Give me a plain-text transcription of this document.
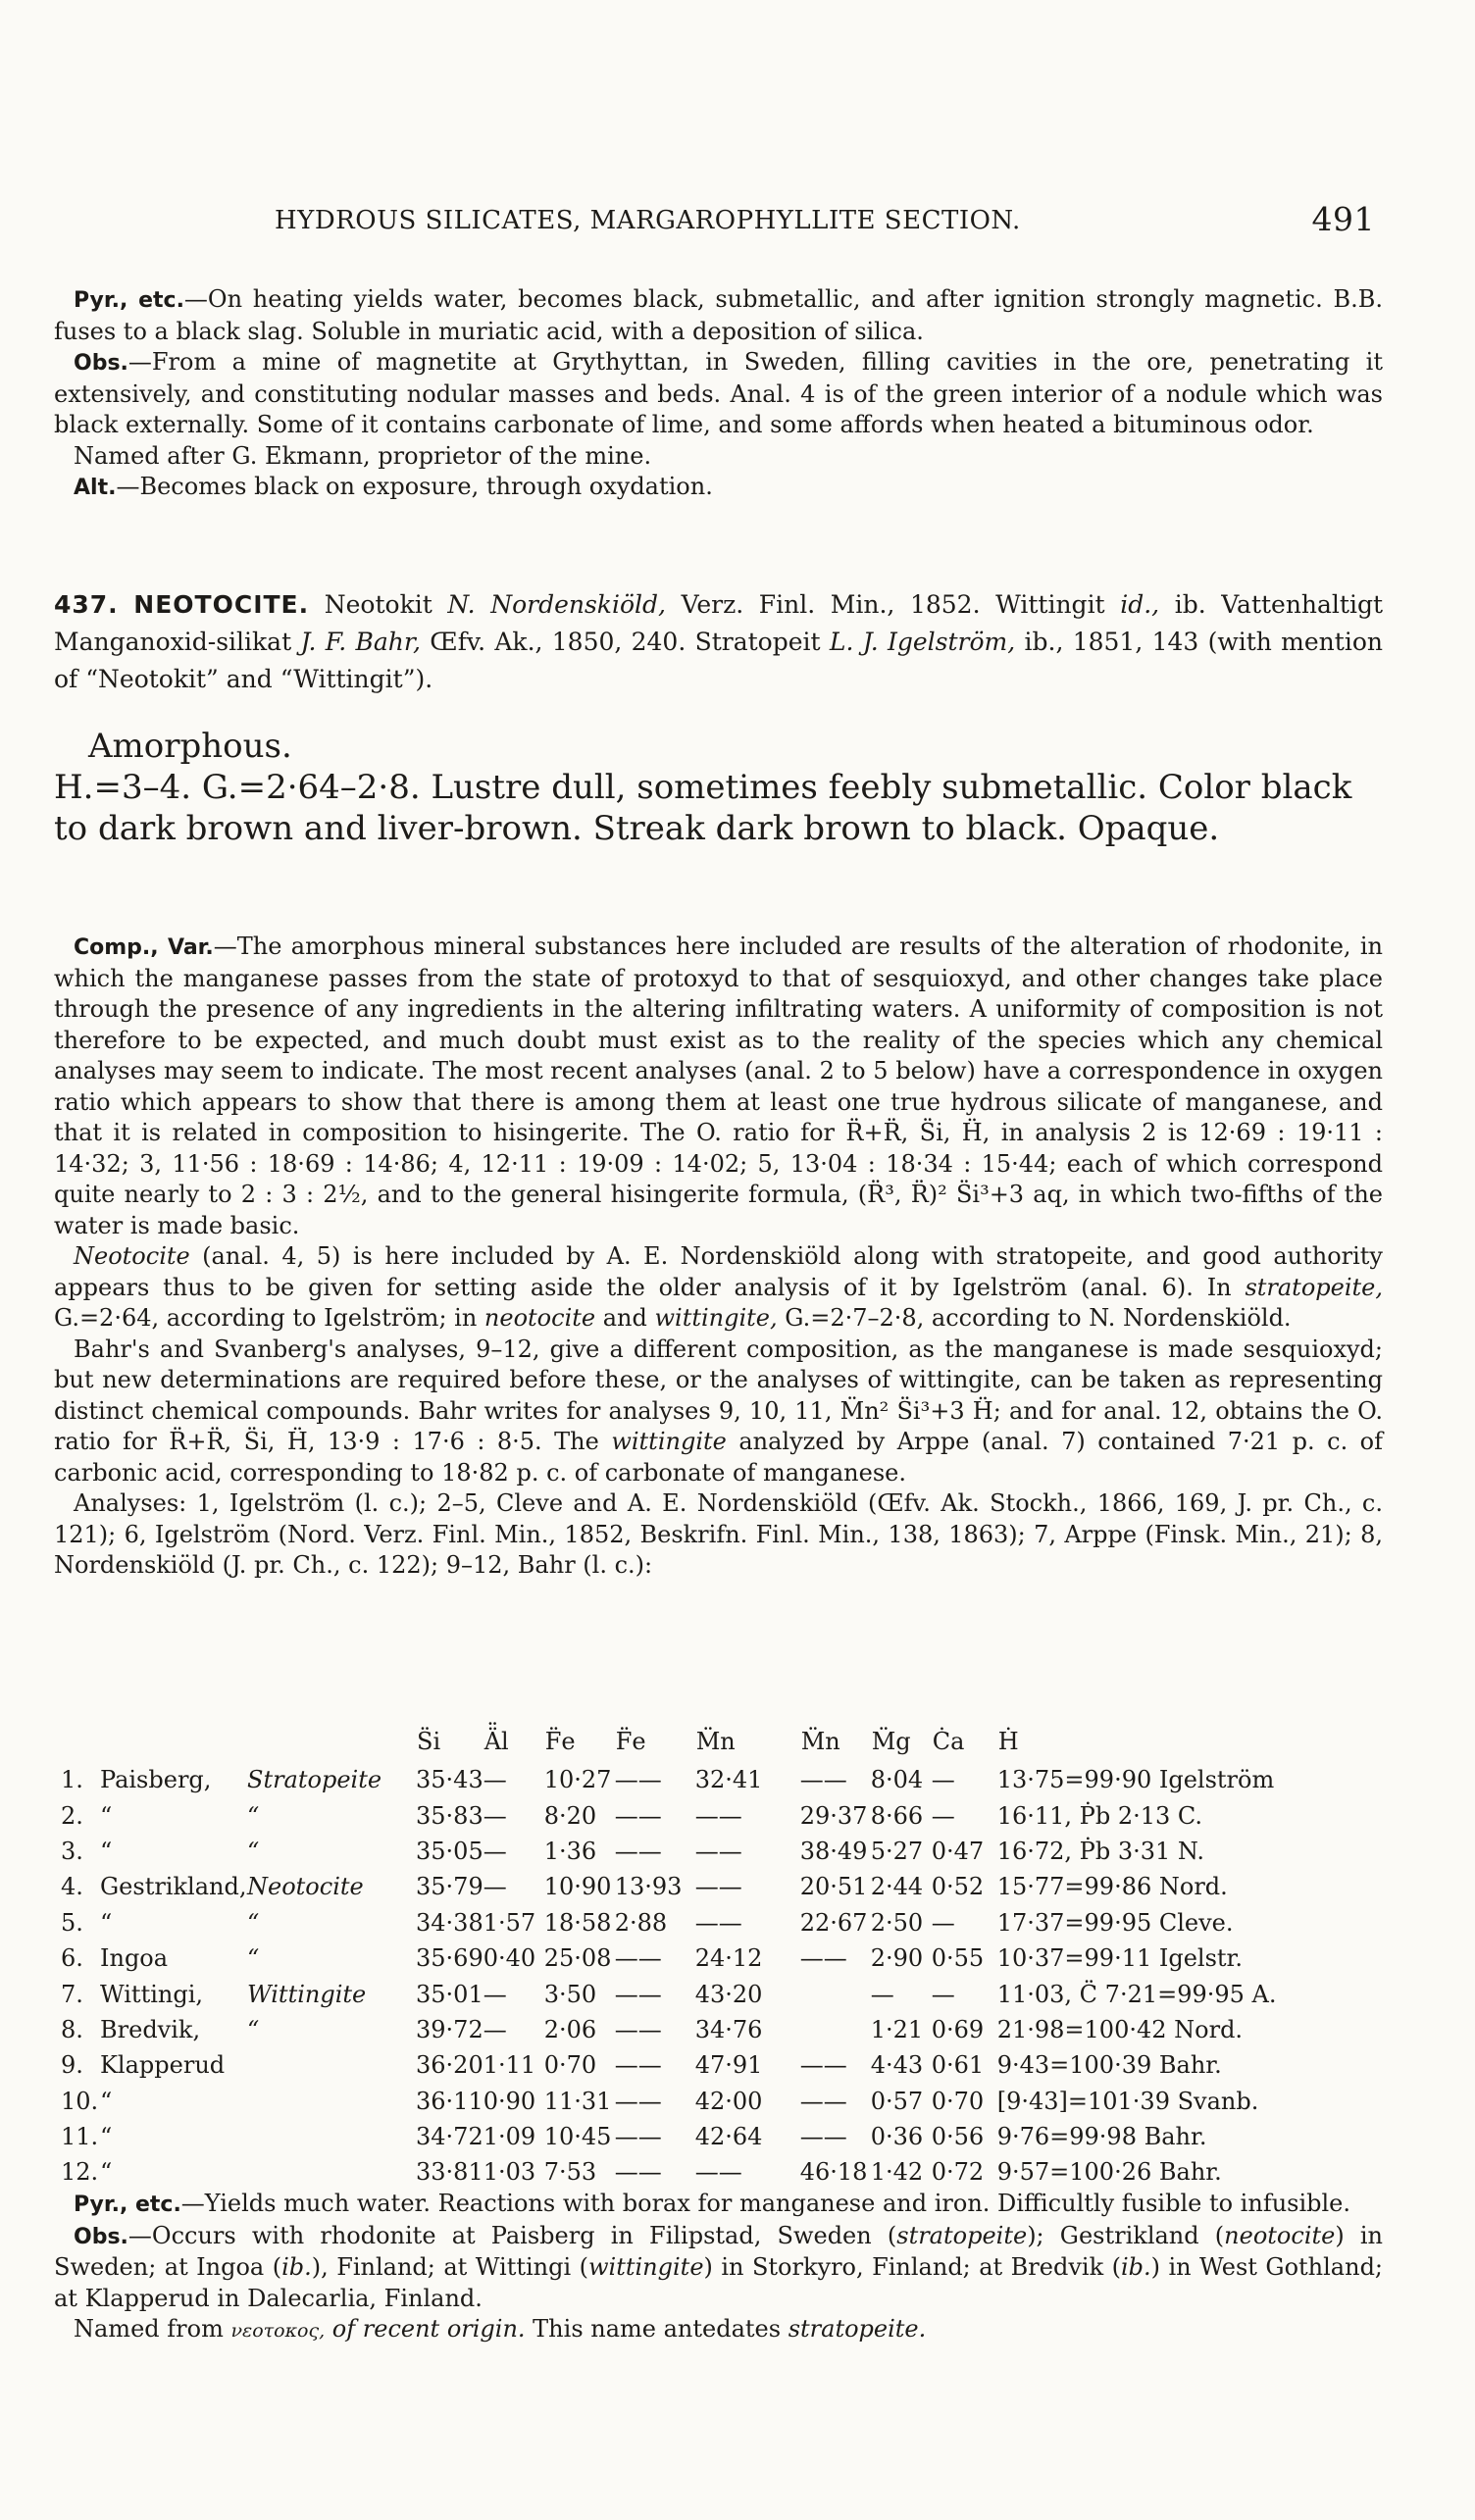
HYDROUS SILICATES, MARGAROPHYLLITE SECTION.	491

Pyr., etc.—On heating yields water, becomes black, submetallic, and after ignition strongly magnetic. B.B. fuses to a black slag. Soluble in muriatic acid, with a deposition of silica.

Obs.—From a mine of magnetite at Grythyttan, in Sweden, filling cavities in the ore, penetrating it extensively, and constituting nodular masses and beds. Anal. 4 is of the green interior of a nodule which was black externally. Some of it contains carbonate of lime, and some affords when heated a bituminous odor.

Named after G. Ekmann, proprietor of the mine.

Alt.—Becomes black on exposure, through oxydation.

437. NEOTOCITE. Neotokit N. Nordenskiöld, Verz. Finl. Min., 1852. Wittingit id., ib. Vattenhaltigt Manganoxid-silikat J. F. Bahr, Œfv. Ak., 1850, 240. Stratopeit L. J. Igelström, ib., 1851, 143 (with mention of “Neotokit” and “Wittingit”).

Amorphous.

H.=3–4. G.=2·64–2·8. Lustre dull, sometimes feebly submetallic. Color black to dark brown and liver-brown. Streak dark brown to black. Opaque.

Comp., Var.—The amorphous mineral substances here included are results of the alteration of rhodonite, in which the manganese passes from the state of protoxyd to that of sesquioxyd, and other changes take place through the presence of any ingredients in the altering infiltrating waters. A uniformity of composition is not therefore to be expected, and much doubt must exist as to the reality of the species which any chemical analyses may seem to indicate. The most recent analyses (anal. 2 to 5 below) have a correspondence in oxygen ratio which appears to show that there is among them at least one true hydrous silicate of manganese, and that it is related in composition to hisingerite. The O. ratio for R̈+R̈, S̈i, Ḧ, in analysis 2 is 12·69 : 19·11 : 14·32; 3, 11·56 : 18·69 : 14·86; 4, 12·11 : 19·09 : 14·02; 5, 13·04 : 18·34 : 15·44; each of which correspond quite nearly to 2 : 3 : 2½, and to the general hisingerite formula, (R̈³, R̈)² S̈i³+3 aq, in which two-fifths of the water is made basic.

Neotocite (anal. 4, 5) is here included by A. E. Nordenskiöld along with stratopeite, and good authority appears thus to be given for setting aside the older analysis of it by Igelström (anal. 6). In stratopeite, G.=2·64, according to Igelström; in neotocite and wittingite, G.=2·7–2·8, according to N. Nordenskiöld.

Bahr's and Svanberg's analyses, 9–12, give a different composition, as the manganese is made sesquioxyd; but new determinations are required before these, or the analyses of wittingite, can be taken as representing distinct chemical compounds. Bahr writes for analyses 9, 10, 11, M̈n² S̈i³+3 Ḧ; and for anal. 12, obtains the O. ratio for R̈+R̈, S̈i, Ḧ, 13·9 : 17·6 : 8·5. The wittingite analyzed by Arppe (anal. 7) contained 7·21 p. c. of carbonic acid, corresponding to 18·82 p. c. of carbonate of manganese.

Analyses: 1, Igelström (l. c.); 2–5, Cleve and A. E. Nordenskiöld (Œfv. Ak. Stockh., 1866, 169, J. pr. Ch., c. 121); 6, Igelström (Nord. Verz. Finl. Min., 1852, Beskrifn. Finl. Min., 138, 1863); 7, Arppe (Finsk. Min., 21); 8, Nordenskiöld (J. pr. Ch., c. 122); 9–12, Bahr (l. c.):

	S̈i	Ä̈l	F̈e	F̈e	M̈n	M̈n	M̈g	Ċa	Ḣ
1. Paisberg, Stratopeite	35·43	—	10·27	——	32·41	——	8·04	—	13·75=99·90 Igelström
2. “ “	35·83	—	8·20	——	——	29·37	8·66	—	16·11, Ṗb 2·13 C.
3. “ “	35·05	—	1·36	——	——	38·49	5·27	0·47	16·72, Ṗb 3·31 N.
4. Gestrikland,Neotocite	35·79	—	10·90	13·93	——	20·51	2·44	0·52	15·77=99·86 Nord.
5. “ “	34·38	1·57	18·58	2·88	——	22·67	2·50	—	17·37=99·95 Cleve.
6. Ingoa “	35·69	0·40	25·08	——	24·12	——	2·90	0·55	10·37=99·11 Igelstr.
7. Wittingi, Wittingite	35·01	—	3·50	——	43·20		—	—	11·03, C̈ 7·21=99·95 A.
8. Bredvik, “	39·72	—	2·06	——	34·76		1·21	0·69	21·98=100·42 Nord.
9. Klapperud	36·20	1·11	0·70	——	47·91	——	4·43	0·61	9·43=100·39 Bahr.
10.“	36·11	0·90	11·31	——	42·00	——	0·57	0·70	[9·43]=101·39 Svanb.
11.“	34·72	1·09	10·45	——	42·64	——	0·36	0·56	9·76=99·98 Bahr.
12.“	33·81	1·03	7·53	——	——	46·18	1·42	0·72	9·57=100·26 Bahr.

Pyr., etc.—Yields much water. Reactions with borax for manganese and iron. Difficultly fusible to infusible.

Obs.—Occurs with rhodonite at Paisberg in Filipstad, Sweden (stratopeite); Gestrikland (neotocite) in Sweden; at Ingoa (ib.), Finland; at Wittingi (wittingite) in Storkyro, Finland; at Bredvik (ib.) in West Gothland; at Klapperud in Dalecarlia, Finland.

Named from νεοτοκος, of recent origin. This name antedates stratopeite.
